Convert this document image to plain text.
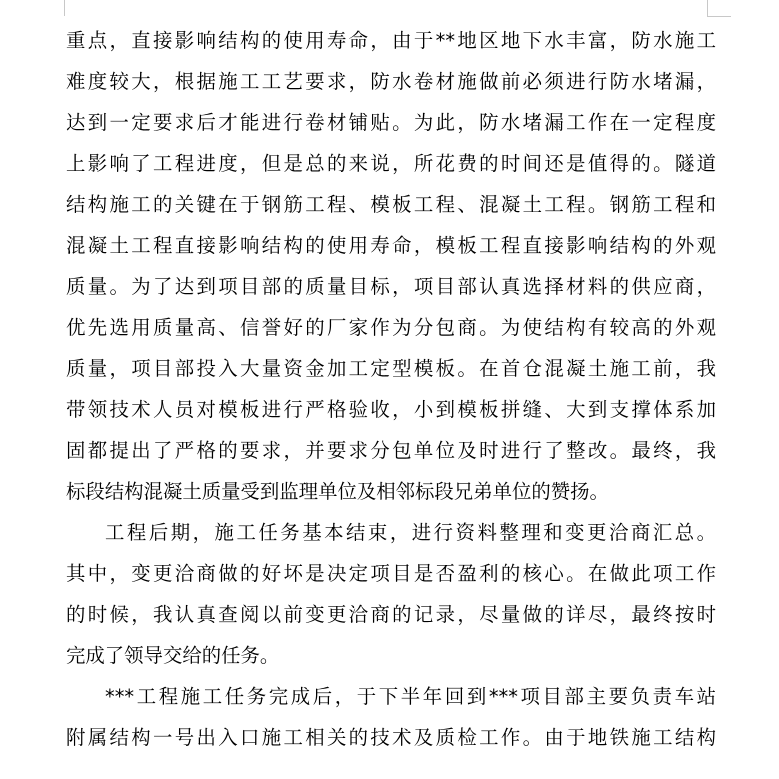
重点，直接影响结构的使用寿命，由于**地区地下水丰富，防水施工
难度较大，根据施工工艺要求，防水卷材施做前必须进行防水堵漏，
达到一定要求后才能进行卷材铺贴。为此，防水堵漏工作在一定程度
上影响了工程进度，但是总的来说，所花费的时间还是值得的。隧道
结构施工的关键在于钢筋工程、模板工程、混凝土工程。钢筋工程和
混凝土工程直接影响结构的使用寿命，模板工程直接影响结构的外观
质量。为了达到项目部的质量目标，项目部认真选择材料的供应商，
优先选用质量高、信誉好的厂家作为分包商。为使结构有较高的外观
质量，项目部投入大量资金加工定型模板。在首仓混凝土施工前，我
带领技术人员对模板进行严格验收，小到模板拼缝、大到支撑体系加
固都提出了严格的要求，并要求分包单位及时进行了整改。最终，我
标段结构混凝土质量受到监理单位及相邻标段兄弟单位的赞扬。
工程后期，施工任务基本结束，进行资料整理和变更洽商汇总。
其中，变更洽商做的好坏是决定项目是否盈利的核心。在做此项工作
的时候，我认真查阅以前变更洽商的记录，尽量做的详尽，最终按时
完成了领导交给的任务。
***工程施工任务完成后，于下半年回到***项目部主要负责车站
附属结构一号出入口施工相关的技术及质检工作。由于地铁施工结构
